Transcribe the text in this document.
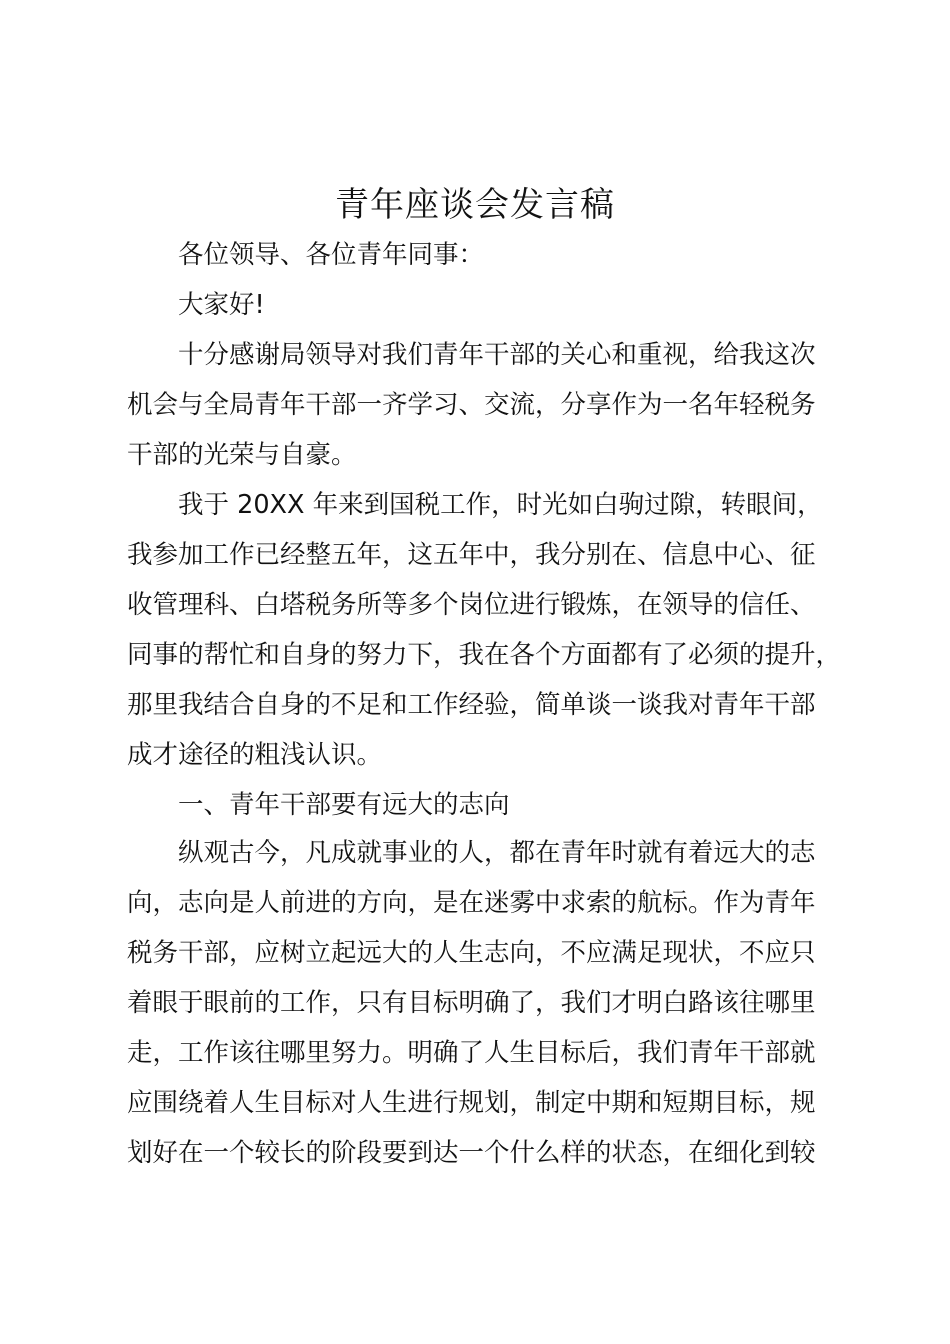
青年座谈会发言稿
各位领导、各位青年同事：
大家好!
十分感谢局领导对我们青年干部的关心和重视，给我这次
机会与全局青年干部一齐学习、交流，分享作为一名年轻税务
干部的光荣与自豪。
我于 20XX 年来到国税工作，时光如白驹过隙，转眼间，
我参加工作已经整五年，这五年中，我分别在、信息中心、征
收管理科、白塔税务所等多个岗位进行锻炼，在领导的信任、
同事的帮忙和自身的努力下，我在各个方面都有了必须的提升，
那里我结合自身的不足和工作经验，简单谈一谈我对青年干部
成才途径的粗浅认识。
一、青年干部要有远大的志向
纵观古今，凡成就事业的人，都在青年时就有着远大的志
向，志向是人前进的方向，是在迷雾中求索的航标。作为青年
税务干部，应树立起远大的人生志向，不应满足现状，不应只
着眼于眼前的工作，只有目标明确了，我们才明白路该往哪里
走，工作该往哪里努力。明确了人生目标后，我们青年干部就
应围绕着人生目标对人生进行规划，制定中期和短期目标，规
划好在一个较长的阶段要到达一个什么样的状态，在细化到较
